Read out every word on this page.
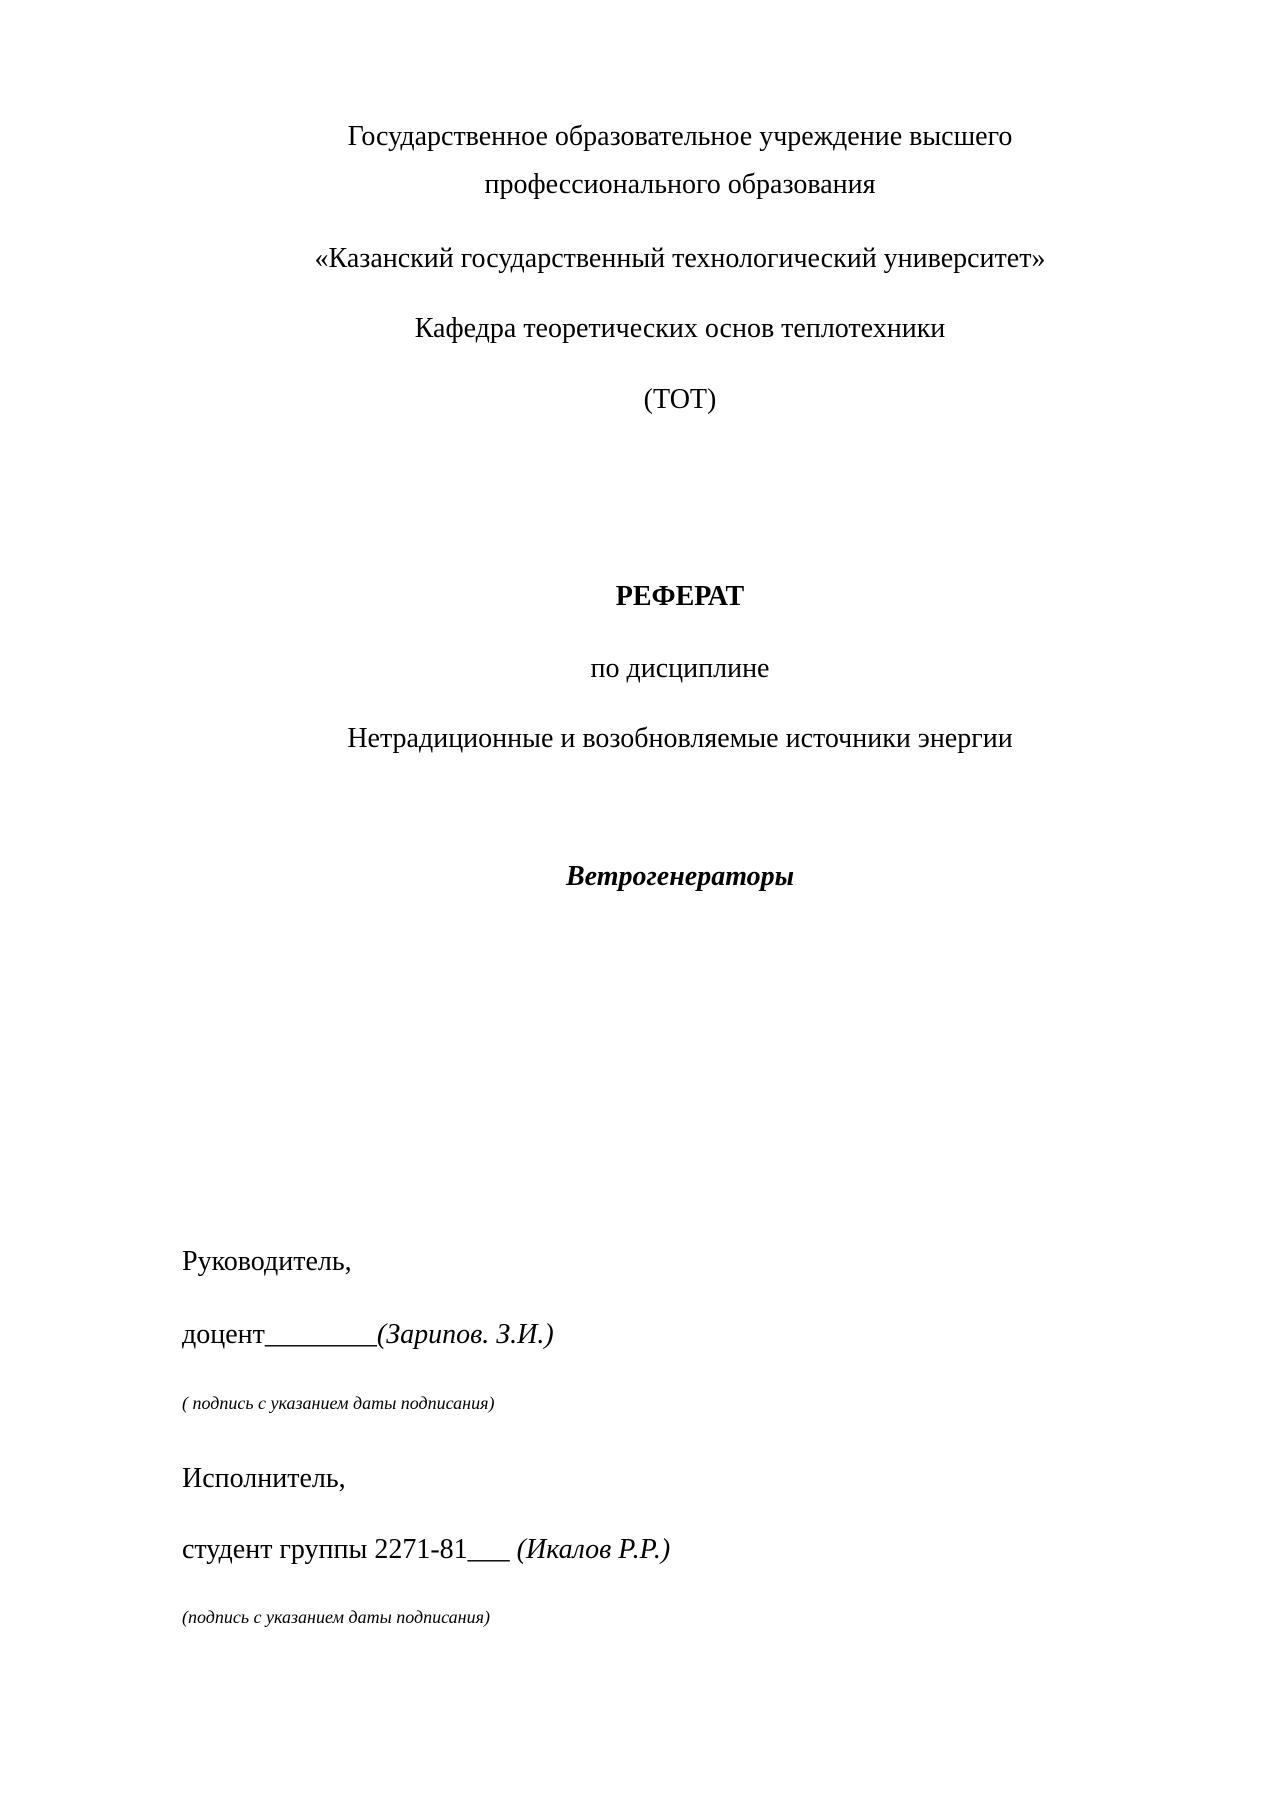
Государственное образовательное учреждение высшего
профессионального образования
«Казанский государственный технологический университет»
Кафедра теоретических основ теплотехники
(ТОТ)
РЕФЕРАТ
по дисциплине
Нетрадиционные и возобновляемые источники энергии
Ветрогенераторы
Руководитель,
доцент________(Зарипов. З.И.)
( подпись с указанием даты подписания)
Исполнитель,
студент группы 2271-81___ (Икалов Р.Р.)
(подпись с указанием даты подписания)
